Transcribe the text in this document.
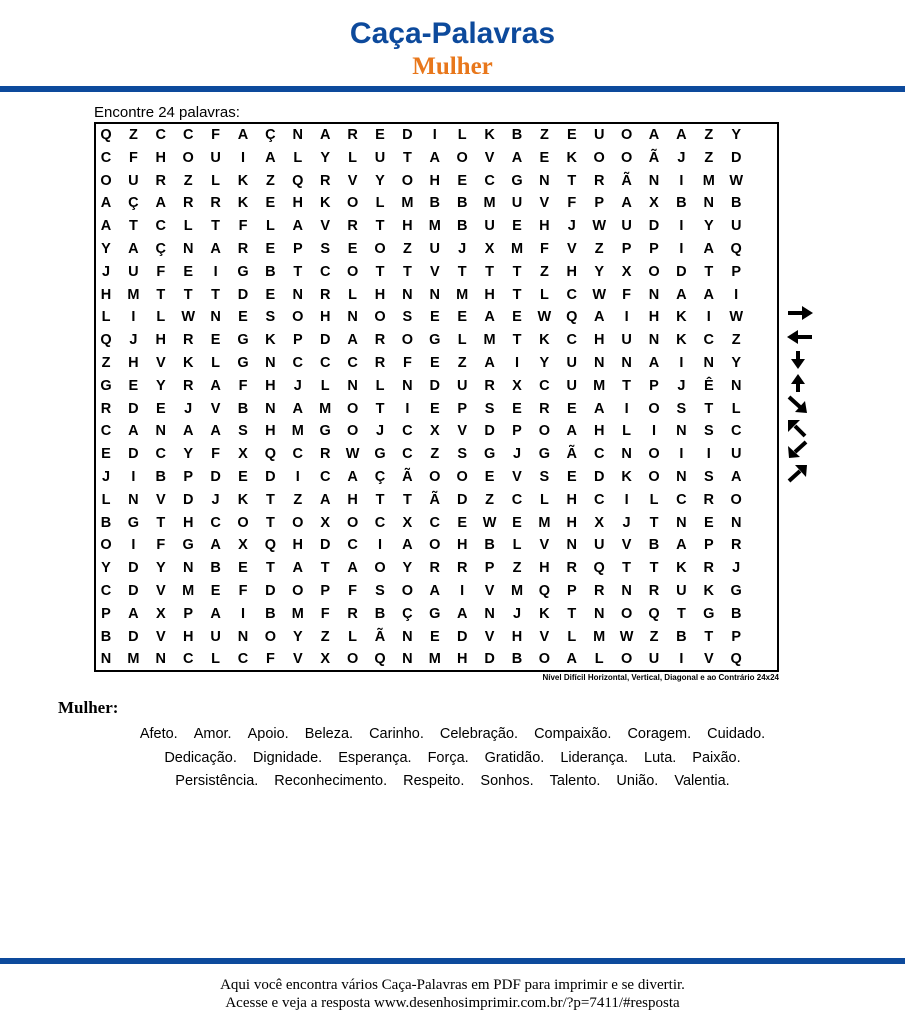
Caça-Palavras
Mulher
Encontre 24 palavras:
Q	Z	C	C	F	A	Ç	N	A	R	E	D	I	L	K	B	Z	E	U	O	A	A	Z	Y
C	F	H	O	U	I	A	L	Y	L	U	T	A	O	V	A	E	K	O	O	Ã	J	Z	D
O	U	R	Z	L	K	Z	Q	R	V	Y	O	H	E	C	G	N	T	R	Ã	N	I	M	W
A	Ç	A	R	R	K	E	H	K	O	L	M	B	B	M	U	V	F	P	A	X	B	N	B
A	T	C	L	T	F	L	A	V	R	T	H	M	B	U	E	H	J	W	U	D	I	Y	U
Y	A	Ç	N	A	R	E	P	S	E	O	Z	U	J	X	M	F	V	Z	P	P	I	A	Q
J	U	F	E	I	G	B	T	C	O	T	T	V	T	T	T	Z	H	Y	X	O	D	T	P
H	M	T	T	T	D	E	N	R	L	H	N	N	M	H	T	L	C	W	F	N	A	A	I
L	I	L	W	N	E	S	O	H	N	O	S	E	E	A	E	W	Q	A	I	H	K	I	W
Q	J	H	R	E	G	K	P	D	A	R	O	G	L	M	T	K	C	H	U	N	K	C	Z
Z	H	V	K	L	G	N	C	C	C	R	F	E	Z	A	I	Y	U	N	N	A	I	N	Y
G	E	Y	R	A	F	H	J	L	N	L	N	D	U	R	X	C	U	M	T	P	J	Ê	N
R	D	E	J	V	B	N	A	M	O	T	I	E	P	S	E	R	E	A	I	O	S	T	L
C	A	N	A	A	S	H	M	G	O	J	C	X	V	D	P	O	A	H	L	I	N	S	C
E	D	C	Y	F	X	Q	C	R	W	G	C	Z	S	G	J	G	Ã	C	N	O	I	I	U
J	I	B	P	D	E	D	I	C	A	Ç	Ã	O	O	E	V	S	E	D	K	O	N	S	A
L	N	V	D	J	K	T	Z	A	H	T	T	Ã	D	Z	C	L	H	C	I	L	C	R	O
B	G	T	H	C	O	T	O	X	O	C	X	C	E	W	E	M	H	X	J	T	N	E	N
O	I	F	G	A	X	Q	H	D	C	I	A	O	H	B	L	V	N	U	V	B	A	P	R
Y	D	Y	N	B	E	T	A	T	A	O	Y	R	R	P	Z	H	R	Q	T	T	K	R	J
C	D	V	M	E	F	D	O	P	F	S	O	A	I	V	M	Q	P	R	N	R	U	K	G
P	A	X	P	A	I	B	M	F	R	B	Ç	G	A	N	J	K	T	N	O	Q	T	G	B
B	D	V	H	U	N	O	Y	Z	L	Ã	N	E	D	V	H	V	L	M	W	Z	B	T	P
N	M	N	C	L	C	F	V	X	O	Q	N	M	H	D	B	O	A	L	O	U	I	V	Q
Nível Difícil Horizontal, Vertical, Diagonal e ao Contrário 24x24
Mulher:
Afeto. Amor. Apoio. Beleza. Carinho. Celebração. Compaixão. Coragem. Cuidado.
Dedicação. Dignidade. Esperança. Força. Gratidão. Liderança. Luta. Paixão.
Persistência. Reconhecimento. Respeito. Sonhos. Talento. União. Valentia.
Aqui você encontra vários Caça-Palavras em PDF para imprimir e se divertir.
Acesse e veja a resposta www.desenhosimprimir.com.br/?p=7411/#resposta
